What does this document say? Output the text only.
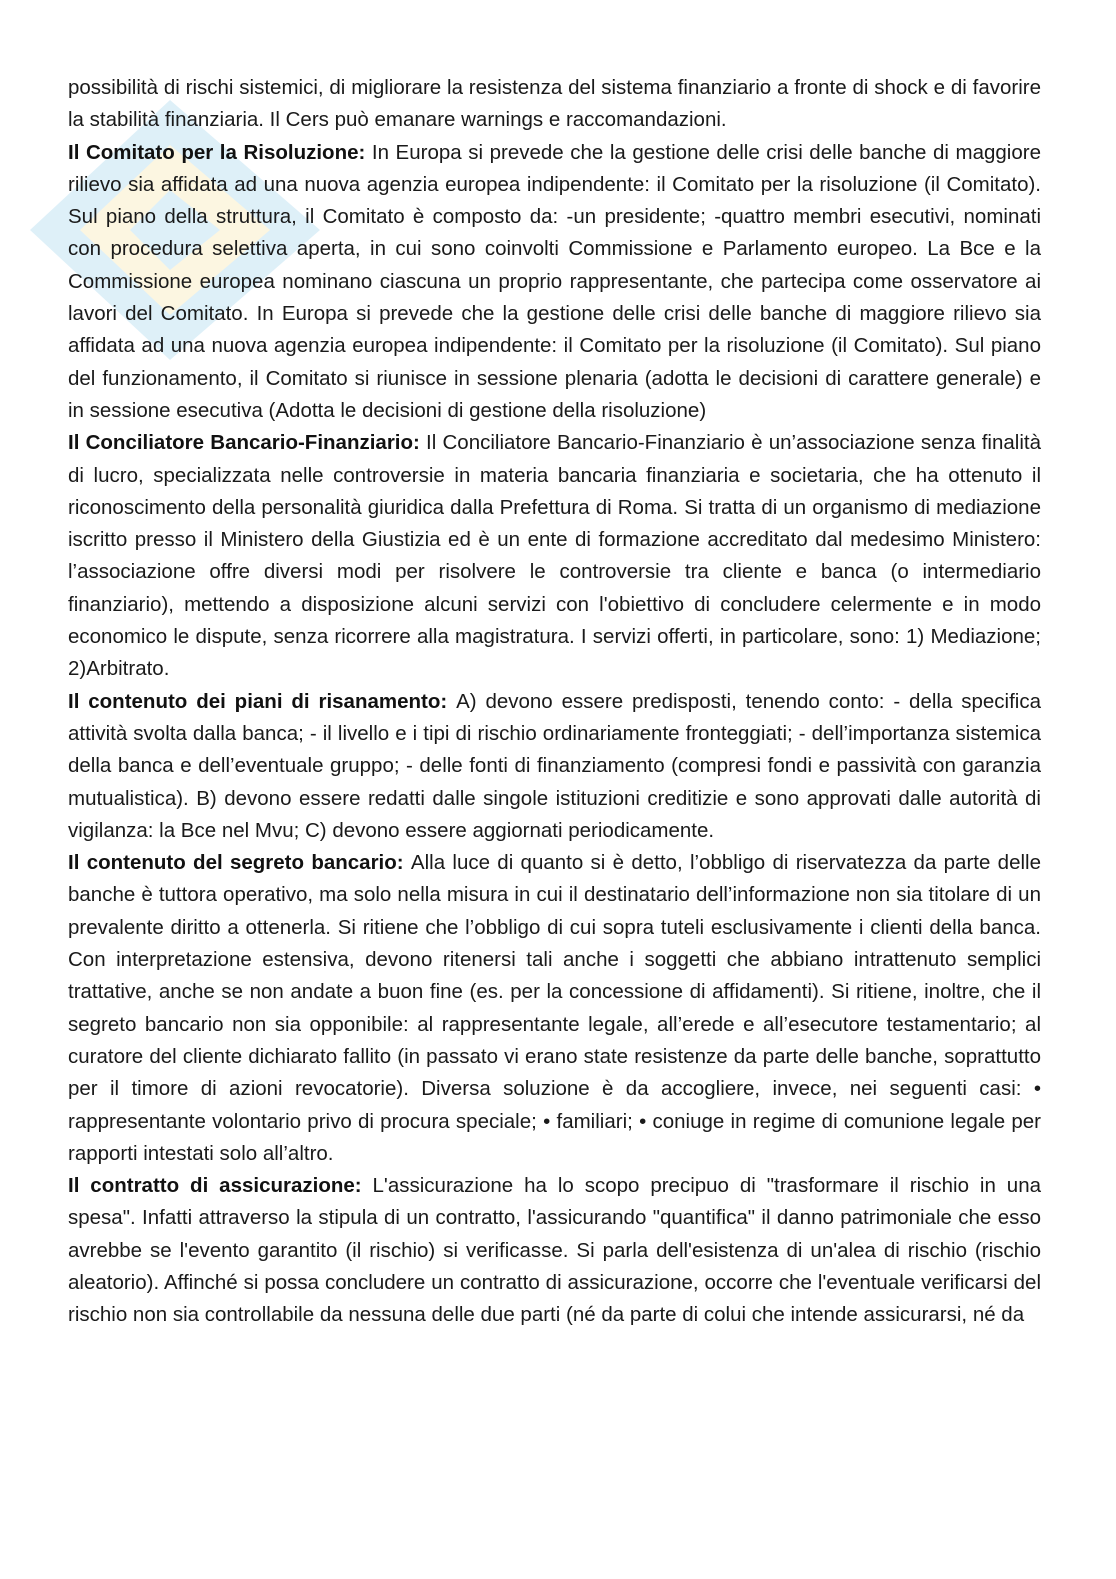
possibilità di rischi sistemici, di migliorare la resistenza del sistema finanziario a fronte di shock e di favorire la stabilità finanziaria. Il Cers può emanare warnings e raccomandazioni.

Il Comitato per la Risoluzione: In Europa si prevede che la gestione delle crisi delle banche di maggiore rilievo sia affidata ad una nuova agenzia europea indipendente: il Comitato per la risoluzione (il Comitato). Sul piano della struttura, il Comitato è composto da: -un presidente; -quattro membri esecutivi, nominati con procedura selettiva aperta, in cui sono coinvolti Commissione e Parlamento europeo. La Bce e la Commissione europea nominano ciascuna un proprio rappresentante, che partecipa come osservatore ai lavori del Comitato. In Europa si prevede che la gestione delle crisi delle banche di maggiore rilievo sia affidata ad una nuova agenzia europea indipendente: il Comitato per la risoluzione (il Comitato). Sul piano del funzionamento, il Comitato si riunisce in sessione plenaria (adotta le decisioni di carattere generale) e in sessione esecutiva (Adotta le decisioni di gestione della risoluzione)

Il Conciliatore Bancario-Finanziario: Il Conciliatore Bancario-Finanziario è un’associazione senza finalità di lucro, specializzata nelle controversie in materia bancaria finanziaria e societaria, che ha ottenuto il riconoscimento della personalità giuridica dalla Prefettura di Roma. Si tratta di un organismo di mediazione iscritto presso il Ministero della Giustizia ed è un ente di formazione accreditato dal medesimo Ministero: l’associazione offre diversi modi per risolvere le controversie tra cliente e banca (o intermediario finanziario), mettendo a disposizione alcuni servizi con l'obiettivo di concludere celermente e in modo economico le dispute, senza ricorrere alla magistratura. I servizi offerti, in particolare, sono: 1) Mediazione; 2)Arbitrato.

Il contenuto dei piani di risanamento: A) devono essere predisposti, tenendo conto: - della specifica attività svolta dalla banca; - il livello e i tipi di rischio ordinariamente fronteggiati; - dell’importanza sistemica della banca e dell’eventuale gruppo; - delle fonti di finanziamento (compresi fondi e passività con garanzia mutualistica). B) devono essere redatti dalle singole istituzioni creditizie e sono approvati dalle autorità di vigilanza: la Bce nel Mvu; C) devono essere aggiornati periodicamente.

Il contenuto del segreto bancario: Alla luce di quanto si è detto, l’obbligo di riservatezza da parte delle banche è tuttora operativo, ma solo nella misura in cui il destinatario dell’informazione non sia titolare di un prevalente diritto a ottenerla. Si ritiene che l’obbligo di cui sopra tuteli esclusivamente i clienti della banca. Con interpretazione estensiva, devono ritenersi tali anche i soggetti che abbiano intrattenuto semplici trattative, anche se non andate a buon fine (es. per la concessione di affidamenti). Si ritiene, inoltre, che il segreto bancario non sia opponibile: al rappresentante legale, all’erede e all’esecutore testamentario; al curatore del cliente dichiarato fallito (in passato vi erano state resistenze da parte delle banche, soprattutto per il timore di azioni revocatorie). Diversa soluzione è da accogliere, invece, nei seguenti casi: • rappresentante volontario privo di procura speciale; • familiari; • coniuge in regime di comunione legale per rapporti intestati solo all’altro.

Il contratto di assicurazione: L'assicurazione ha lo scopo precipuo di "trasformare il rischio in una spesa". Infatti attraverso la stipula di un contratto, l'assicurando "quantifica" il danno patrimoniale che esso avrebbe se l'evento garantito (il rischio) si verificasse. Si parla dell'esistenza di un'alea di rischio (rischio aleatorio). Affinché si possa concludere un contratto di assicurazione, occorre che l'eventuale verificarsi del rischio non sia controllabile da nessuna delle due parti (né da parte di colui che intende assicurarsi, né da
